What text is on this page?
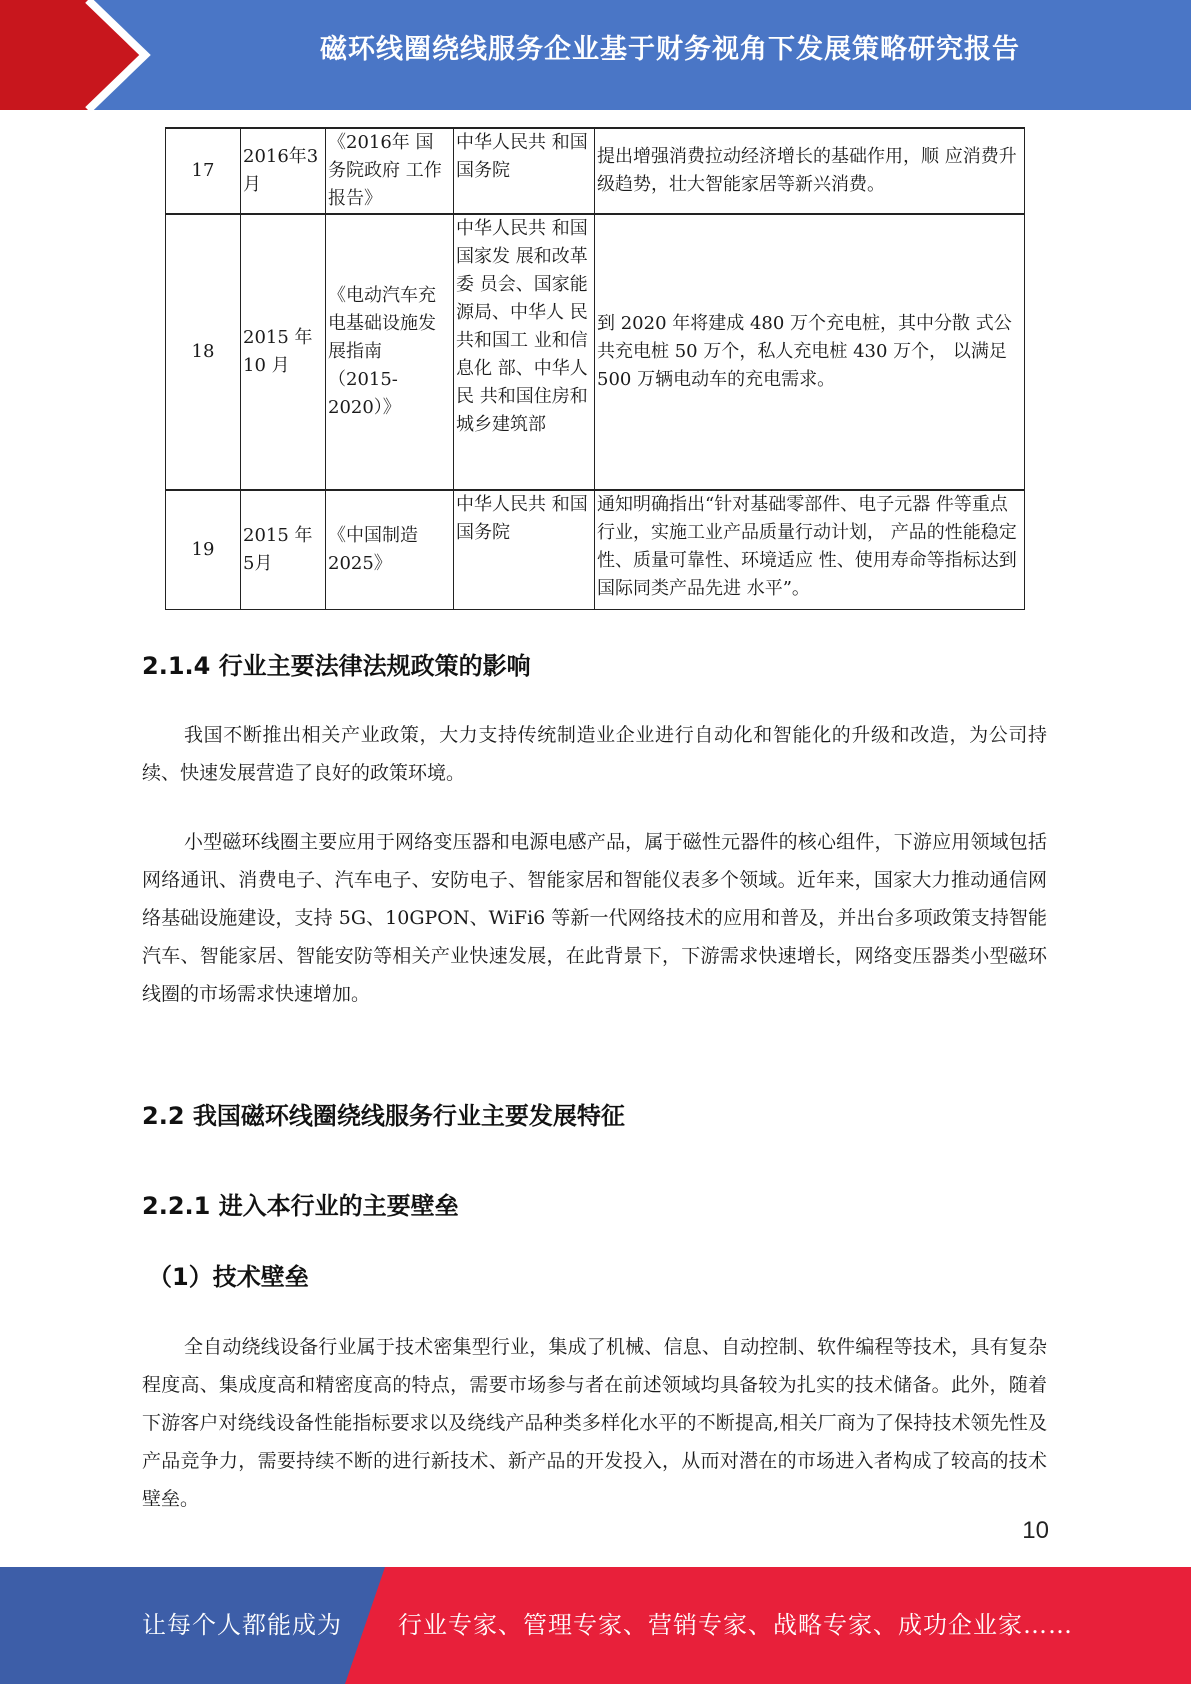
磁环线圈绕线服务企业基于财务视角下发展策略研究报告
17	2016年3月	《2016年 国务院政府 工作报告》	中华人民共 和国国务院	提出增强消费拉动经济增长的基础作用，顺 应消费升级趋势，壮大智能家居等新兴消费。
18	2015 年 10 月	《电动汽车充电基础设施发展指南（2015-2020）》	中华人民共 和国国家发 展和改革委 员会、国家能 源局、中华人 民共和国工 业和信息化 部、中华人民 共和国住房和城乡建筑部	到 2020 年将建成 480 万个充电桩，其中分散 式公共充电桩 50 万个，私人充电桩 430 万个， 以满足 500 万辆电动车的充电需求。
19	2015 年5月	《中国制造 2025》	中华人民共 和国国务院	通知明确指出“针对基础零部件、电子元器 件等重点行业，实施工业产品质量行动计划， 产品的性能稳定性、质量可靠性、环境适应 性、使用寿命等指标达到国际同类产品先进 水平”。
2.1.4 行业主要法律法规政策的影响
我国不断推出相关产业政策，大力支持传统制造业企业进行自动化和智能化的升级和改造，为公司持续、快速发展营造了良好的政策环境。
小型磁环线圈主要应用于网络变压器和电源电感产品，属于磁性元器件的核心组件，下游应用领域包括网络通讯、消费电子、汽车电子、安防电子、智能家居和智能仪表多个领域。近年来，国家大力推动通信网络基础设施建设，支持 5G、10GPON、WiFi6 等新一代网络技术的应用和普及，并出台多项政策支持智能汽车、智能家居、智能安防等相关产业快速发展，在此背景下，下游需求快速增长，网络变压器类小型磁环线圈的市场需求快速增加。
2.2 我国磁环线圈绕线服务行业主要发展特征
2.2.1 进入本行业的主要壁垒
（1）技术壁垒
全自动绕线设备行业属于技术密集型行业，集成了机械、信息、自动控制、软件编程等技术，具有复杂程度高、集成度高和精密度高的特点，需要市场参与者在前述领域均具备较为扎实的技术储备。此外，随着下游客户对绕线设备性能指标要求以及绕线产品种类多样化水平的不断提高,相关厂商为了保持技术领先性及产品竞争力，需要持续不断的进行新技术、新产品的开发投入，从而对潜在的市场进入者构成了较高的技术壁垒。
10
让每个人都能成为 行业专家、管理专家、营销专家、战略专家、成功企业家……
